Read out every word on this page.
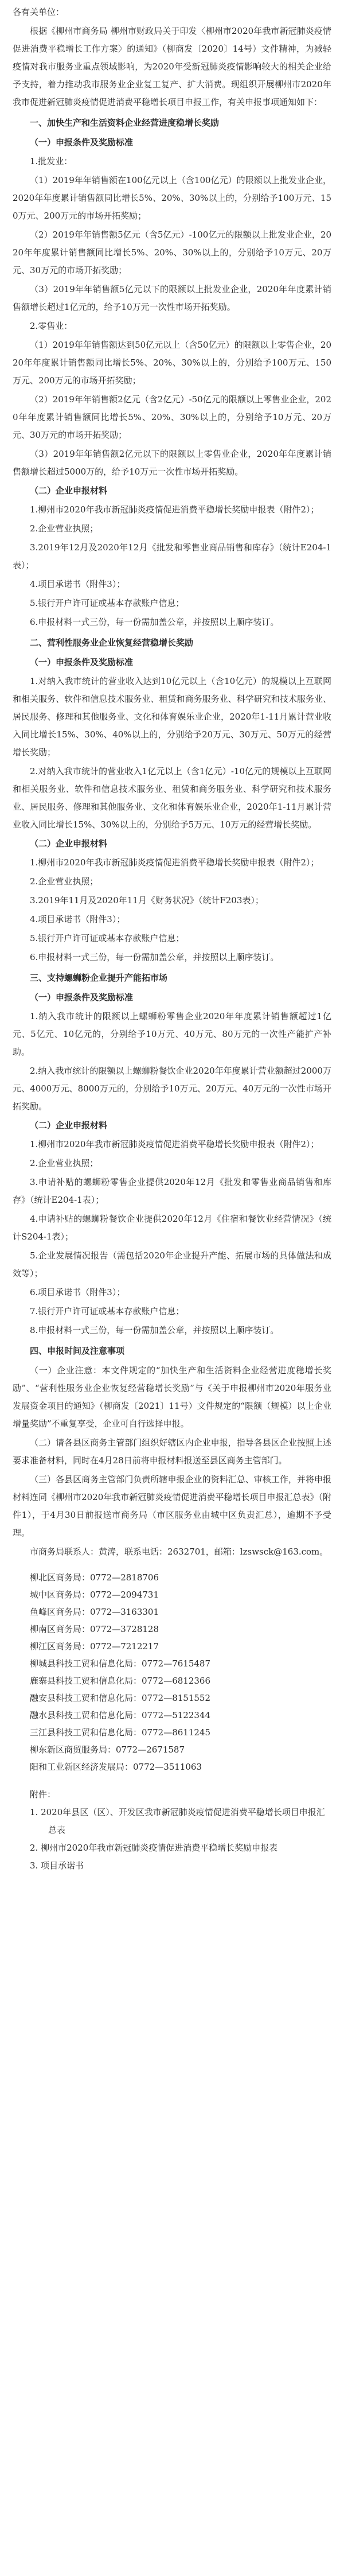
各有关单位：

根据《柳州市商务局 柳州市财政局关于印发〈柳州市2020年我市新冠肺炎疫情促进消费平稳增长工作方案〉的通知》（柳商发〔2020〕14号）文件精神，为减轻疫情对我市服务业重点领域影响，为2020年受新冠肺炎疫情影响较大的相关企业给予支持，着力推动我市服务业企业复工复产、扩大消费。现组织开展柳州市2020年我市促进新冠肺炎疫情促进消费平稳增长项目申报工作，有关申报事项通知如下：

一、加快生产和生活资料企业经营进度稳增长奖励

（一）申报条件及奖励标准

1.批发业：

（1）2019年年销售额在100亿元以上（含100亿元）的限额以上批发业企业，2020年年度累计销售额同比增长5%、20%、30%以上的，分别给予100万元、150万元、200万元的市场开拓奖励；

（2）2019年年销售额5亿元（含5亿元）-100亿元的限额以上批发业企业，2020年年度累计销售额同比增长5%、20%、30%以上的，分别给予10万元、20万元、30万元的市场开拓奖励；

（3）2019年年销售额5亿元以下的限额以上批发业企业，2020年年度累计销售额增长超过1亿元的，给予10万元一次性市场开拓奖励。

2.零售业：

（1）2019年年销售额达到50亿元以上（含50亿元）的限额以上零售企业，2020年年度累计销售额同比增长5%、20%、30%以上的，分别给予100万元、150万元、200万元的市场开拓奖励；

（2）2019年年销售额2亿元（含2亿元）-50亿元的限额以上零售业企业，2020年年度累计销售额同比增长5%、20%、30%以上的，分别给予10万元、20万元、30万元的市场开拓奖励；

（3）2019年年销售额2亿元以下的限额以上零售业企业，2020年年度累计销售额增长超过5000万的，给予10万元一次性市场开拓奖励。

（二）企业申报材料

1.柳州市2020年我市新冠肺炎疫情促进消费平稳增长奖励申报表（附件2）；

2.企业营业执照；

3.2019年12月及2020年12月《批发和零售业商品销售和库存》（统计E204-1表）；

4.项目承诺书（附件3）；

5.银行开户许可证或基本存款账户信息；

6.申报材料一式三份，每一份需加盖公章，并按照以上顺序装订。

二、营利性服务业企业恢复经营稳增长奖励

（一）申报条件及奖励标准

1.对纳入我市统计的营业收入达到10亿元以上（含10亿元）的规模以上互联网和相关服务、软件和信息技术服务业、租赁和商务服务业、科学研究和技术服务业、居民服务、修理和其他服务业、文化和体育娱乐业企业，2020年1-11月累计营业收入同比增长15%、30%、40%以上的，分别给予20万元、30万元、50万元的经营增长奖励；

2.对纳入我市统计的营业收入1亿元以上（含1亿元）-10亿元的规模以上互联网和相关服务业、软件和信息技术服务业、租赁和商务服务业、科学研究和技术服务业、居民服务、修理和其他服务业、文化和体育娱乐业企业，2020年1-11月累计营业收入同比增长15%、30%以上的，分别给予5万元、10万元的经营增长奖励。

（二）企业申报材料

1.柳州市2020年我市新冠肺炎疫情促进消费平稳增长奖励申报表（附件2）；

2.企业营业执照；

3.2019年11月及2020年11月《财务状况》（统计F203表）；

4.项目承诺书（附件3）；

5.银行开户许可证或基本存款账户信息；

6.申报材料一式三份，每一份需加盖公章，并按照以上顺序装订。

三、支持螺蛳粉企业提升产能拓市场

（一）申报条件及奖励标准

1.纳入我市统计的限额以上螺蛳粉零售企业2020年年度累计销售额超过1亿元、5亿元、10亿元的，分别给予10万元、40万元、80万元的一次性产能扩产补助。

2.纳入我市统计的限额以上螺蛳粉餐饮企业2020年年度累计营业额超过2000万元、4000万元、8000万元的，分别给予10万元、20万元、40万元的一次性市场开拓奖励。

（二）企业申报材料

1.柳州市2020年我市新冠肺炎疫情促进消费平稳增长奖励申报表（附件2）；

2.企业营业执照；

3.申请补贴的螺蛳粉零售企业提供2020年12月《批发和零售业商品销售和库存》（统计E204-1表）；

4.申请补贴的螺蛳粉餐饮企业提供2020年12月《住宿和餐饮业经营情况》（统计S204-1表）；

5.企业发展情况报告（需包括2020年企业提升产能、拓展市场的具体做法和成效等）；

6.项目承诺书（附件3）；

7.银行开户许可证或基本存款账户信息；

8.申报材料一式三份，每一份需加盖公章，并按照以上顺序装订。

四、申报时间及注意事项

（一）企业注意：本文件规定的“加快生产和生活资料企业经营进度稳增长奖励”、“营利性服务业企业恢复经营稳增长奖励”与《关于申报柳州市2020年服务业发展资金项目的通知》（柳商发〔2021〕11号）文件规定的“限额（规模）以上企业增量奖励”不重复享受，企业可自行选择申报。

（二）请各县区商务主管部门组织好辖区内企业申报，指导各县区企业按照上述要求准备材料，同时在4月28日前将申报材料报送至县区商务主管部门。

（三）各县区商务主管部门负责所辖申报企业的资料汇总、审核工作，并将申报材料连同《柳州市2020年我市新冠肺炎疫情促进消费平稳增长项目申报汇总表》（附件1），于4月30日前报送市商务局（市区服务业由城中区负责汇总），逾期不予受理。

市商务局联系人：黄涛，联系电话：2632701，邮箱：lzswsck@163.com。

柳北区商务局：0772—2818706

城中区商务局：0772—2094731

鱼峰区商务局：0772—3163301

柳南区商务局：0772—3728128

柳江区商务局：0772—7212217

柳城县科技工贸和信息化局：0772—7615487

鹿寨县科技工贸和信息化局：0772—6812366

融安县科技工贸和信息化局：0772—8151552

融水县科技工贸和信息化局：0772—5122344

三江县科技工贸和信息化局：0772—8611245

柳东新区商贸服务局：0772—2671587

阳和工业新区经济发展局：0772—3511063

附件：

1. 2020年县区（区）、开发区我市新冠肺炎疫情促进消费平稳增长项目申报汇总表

2. 柳州市2020年我市新冠肺炎疫情促进消费平稳增长奖励申报表

3. 项目承诺书
